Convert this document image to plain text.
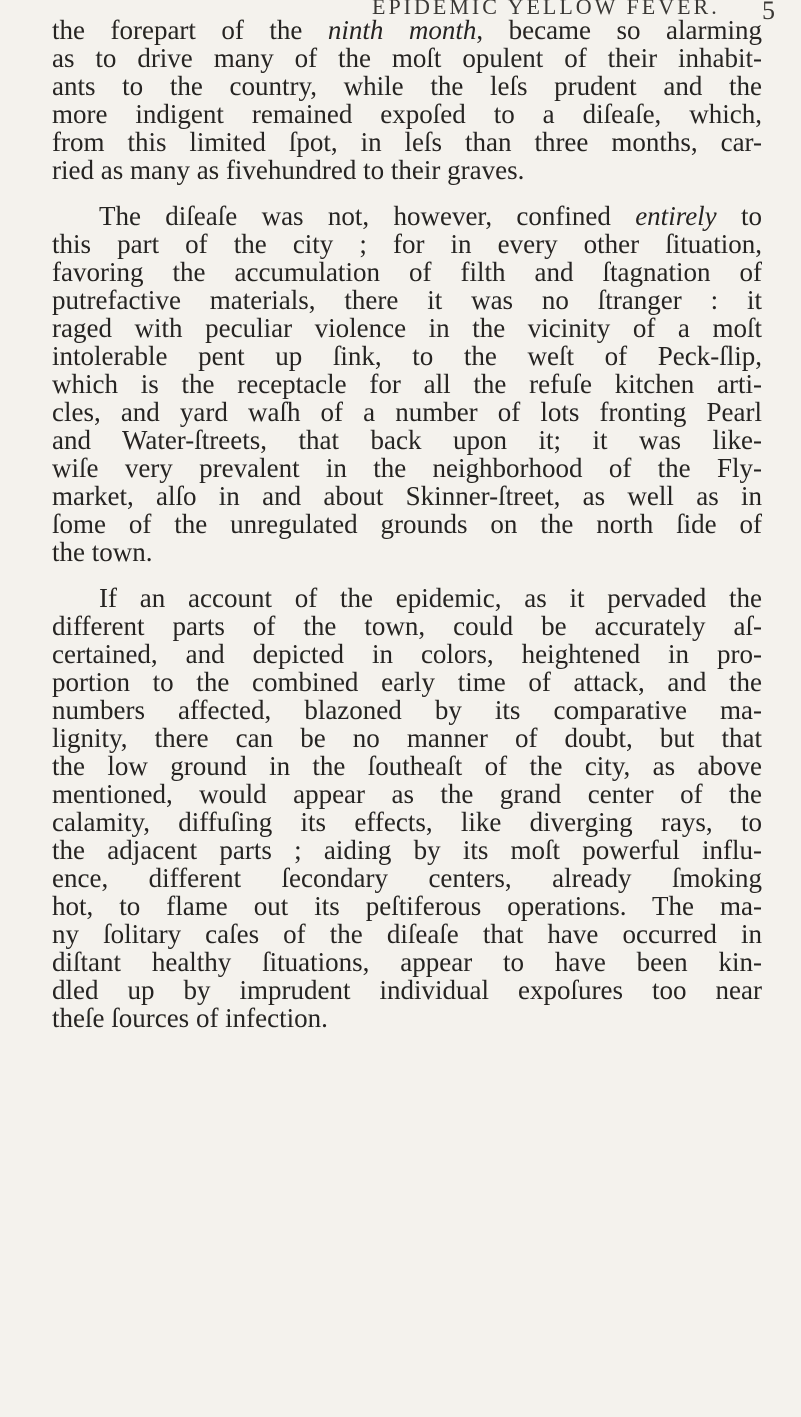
EPIDEMIC YELLOW FEVER. 5
the forepart of the ninth month, became so alarming
as to drive many of the moſt opulent of their inhabit-
ants to the country, while the leſs prudent and the
more indigent remained expoſed to a diſeaſe, which,
from this limited ſpot, in leſs than three months, car-
ried as many as fivehundred to their graves.
The diſeaſe was not, however, confined entirely to
this part of the city ; for in every other ſituation,
favoring the accumulation of filth and ſtagnation of
putrefactive materials, there it was no ſtranger : it
raged with peculiar violence in the vicinity of a moſt
intolerable pent up ſink, to the weſt of Peck-ſlip,
which is the receptacle for all the refuſe kitchen arti-
cles, and yard waſh of a number of lots fronting Pearl
and Water-ſtreets, that back upon it; it was like-
wiſe very prevalent in the neighborhood of the Fly-
market, alſo in and about Skinner-ſtreet, as well as in
ſome of the unregulated grounds on the north ſide of
the town.
If an account of the epidemic, as it pervaded the
different parts of the town, could be accurately aſ-
certained, and depicted in colors, heightened in pro-
portion to the combined early time of attack, and the
numbers affected, blazoned by its comparative ma-
lignity, there can be no manner of doubt, but that
the low ground in the ſoutheaſt of the city, as above
mentioned, would appear as the grand center of the
calamity, diffuſing its effects, like diverging rays, to
the adjacent parts ; aiding by its moſt powerful influ-
ence, different ſecondary centers, already ſmoking
hot, to flame out its peſtiferous operations. The ma-
ny ſolitary caſes of the diſeaſe that have occurred in
diſtant healthy ſituations, appear to have been kin-
dled up by imprudent individual expoſures too near
theſe ſources of infection.
